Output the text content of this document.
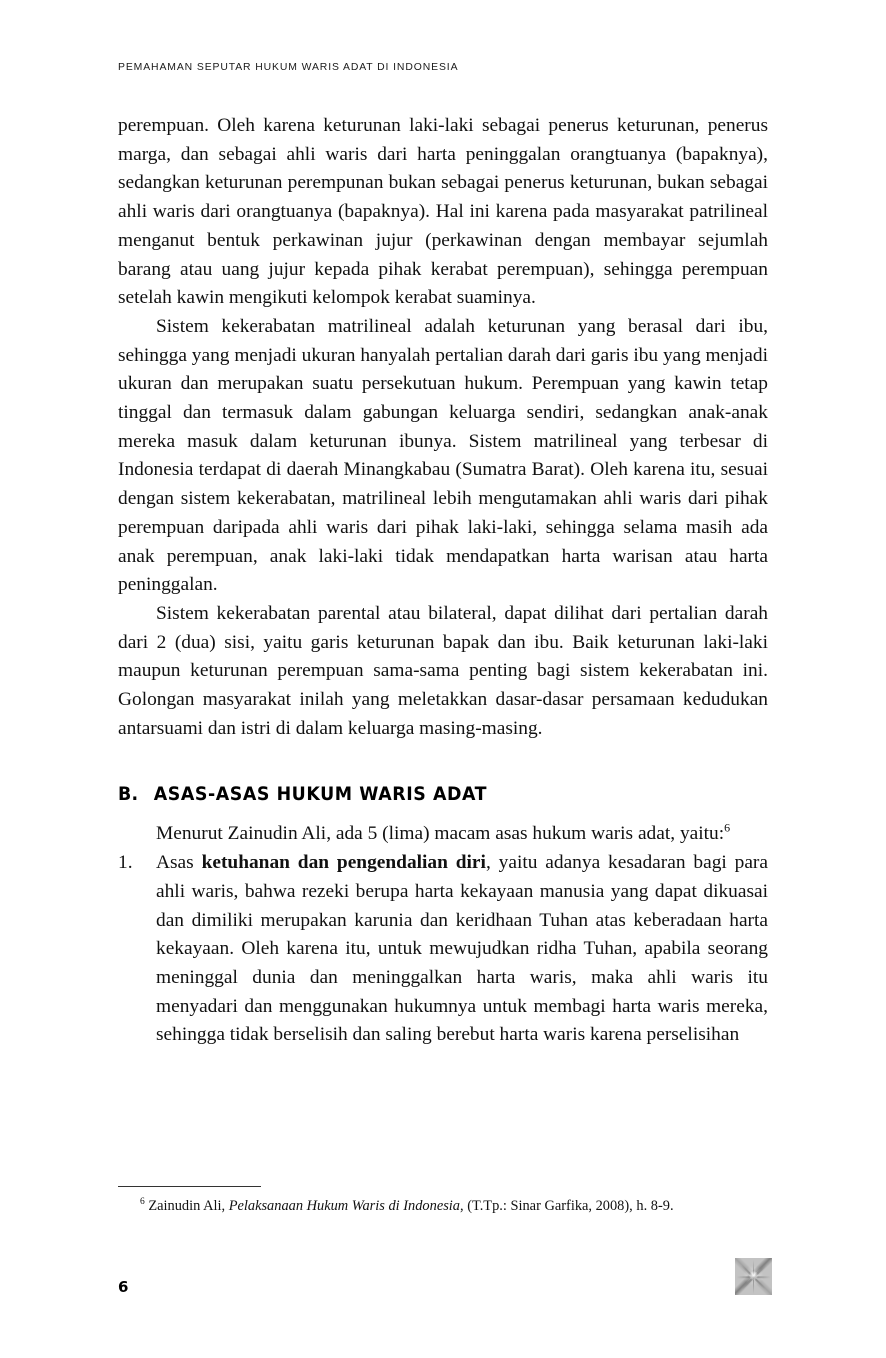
PEMAHAMAN SEPUTAR HUKUM WARIS ADAT DI INDONESIA

perempuan. Oleh karena keturunan laki-laki sebagai penerus keturunan, penerus marga, dan sebagai ahli waris dari harta peninggalan orangtuanya (bapaknya), sedangkan keturunan perempunan bukan sebagai penerus keturunan, bukan sebagai ahli waris dari orangtuanya (bapaknya). Hal ini karena pada masyarakat patrilineal menganut bentuk perkawinan jujur (perkawinan dengan membayar sejumlah barang atau uang jujur kepada pihak kerabat perempuan), sehingga perempuan setelah kawin mengikuti kelompok kerabat suaminya.

Sistem kekerabatan matrilineal adalah keturunan yang berasal dari ibu, sehingga yang menjadi ukuran hanyalah pertalian darah dari garis ibu yang menjadi ukuran dan merupakan suatu persekutuan hukum. Perempuan yang kawin tetap tinggal dan termasuk dalam gabungan keluarga sendiri, sedangkan anak-anak mereka masuk dalam keturunan ibunya. Sistem matrilineal yang terbesar di Indonesia terdapat di daerah Minangkabau (Sumatra Barat). Oleh karena itu, sesuai dengan sistem kekerabatan, matrilineal lebih mengutamakan ahli waris dari pihak perempuan daripada ahli waris dari pihak laki-laki, sehingga selama masih ada anak perempuan, anak laki-laki tidak mendapatkan harta warisan atau harta peninggalan.

Sistem kekerabatan parental atau bilateral, dapat dilihat dari pertalian darah dari 2 (dua) sisi, yaitu garis keturunan bapak dan ibu. Baik keturunan laki-laki maupun keturunan perempuan sama-sama penting bagi sistem kekerabatan ini. Golongan masyarakat inilah yang meletakkan dasar-dasar persamaan kedudukan antarsuami dan istri di dalam keluarga masing-masing.

B. ASAS-ASAS HUKUM WARIS ADAT

Menurut Zainudin Ali, ada 5 (lima) macam asas hukum waris adat, yaitu:$^6$

1.	Asas ketuhanan dan pengendalian diri, yaitu adanya kesadaran bagi para ahli waris, bahwa rezeki berupa harta kekayaan manusia yang dapat dikuasai dan dimiliki merupakan karunia dan keridhaan Tuhan atas keberadaan harta kekayaan. Oleh karena itu, untuk mewujudkan ridha Tuhan, apabila seorang meninggal dunia dan meninggalkan harta waris, maka ahli waris itu menyadari dan menggunakan hukumnya untuk membagi harta waris mereka, sehingga tidak berselisih dan saling berebut harta waris karena perselisihan

$^6$ Zainudin Ali, Pelaksanaan Hukum Waris di Indonesia, (T.Tp.: Sinar Garfika, 2008), h. 8-9.

6
